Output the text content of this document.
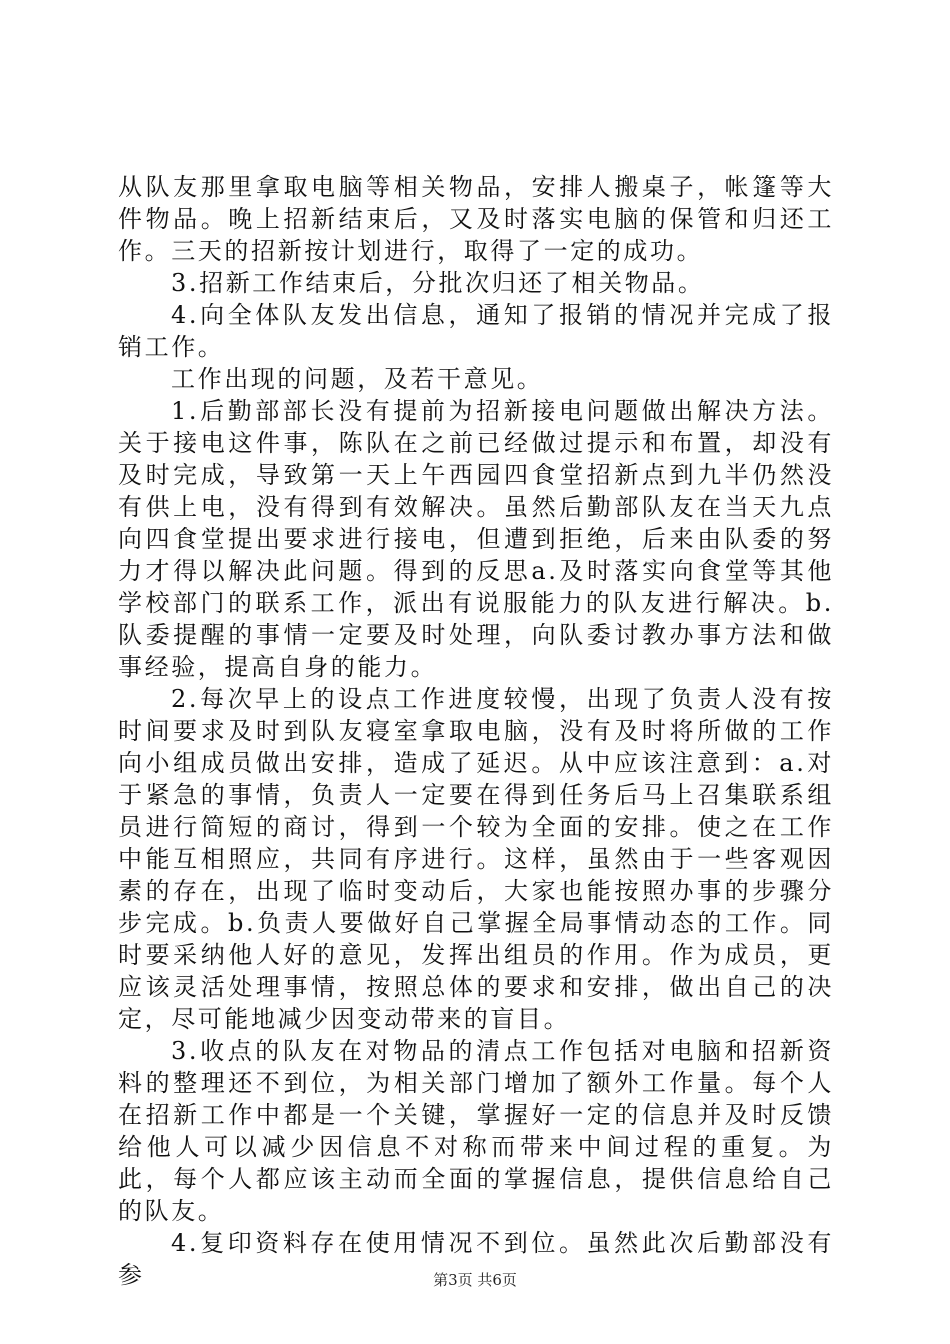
从队友那里拿取电脑等相关物品，安排人搬桌子，帐篷等大件物品。晚上招新结束后，又及时落实电脑的保管和归还工作。三天的招新按计划进行，取得了一定的成功。

3.招新工作结束后，分批次归还了相关物品。

4.向全体队友发出信息，通知了报销的情况并完成了报销工作。

工作出现的问题，及若干意见。

1.后勤部部长没有提前为招新接电问题做出解决方法。关于接电这件事，陈队在之前已经做过提示和布置，却没有及时完成，导致第一天上午西园四食堂招新点到九半仍然没有供上电，没有得到有效解决。虽然后勤部队友在当天九点向四食堂提出要求进行接电，但遭到拒绝，后来由队委的努力才得以解决此问题。得到的反思a.及时落实向食堂等其他学校部门的联系工作，派出有说服能力的队友进行解决。b.队委提醒的事情一定要及时处理，向队委讨教办事方法和做事经验，提高自身的能力。

2.每次早上的设点工作进度较慢，出现了负责人没有按时间要求及时到队友寝室拿取电脑，没有及时将所做的工作向小组成员做出安排，造成了延迟。从中应该注意到：a.对于紧急的事情，负责人一定要在得到任务后马上召集联系组员进行简短的商讨，得到一个较为全面的安排。使之在工作中能互相照应，共同有序进行。这样，虽然由于一些客观因素的存在，出现了临时变动后，大家也能按照办事的步骤分步完成。b.负责人要做好自己掌握全局事情动态的工作。同时要采纳他人好的意见，发挥出组员的作用。作为成员，更应该灵活处理事情，按照总体的要求和安排，做出自己的决定，尽可能地减少因变动带来的盲目。

3.收点的队友在对物品的清点工作包括对电脑和招新资料的整理还不到位，为相关部门增加了额外工作量。每个人在招新工作中都是一个关键，掌握好一定的信息并及时反馈给他人可以减少因信息不对称而带来中间过程的重复。为此，每个人都应该主动而全面的掌握信息，提供信息给自己的队友。

4.复印资料存在使用情况不到位。虽然此次后勤部没有参	第3页 共6页
